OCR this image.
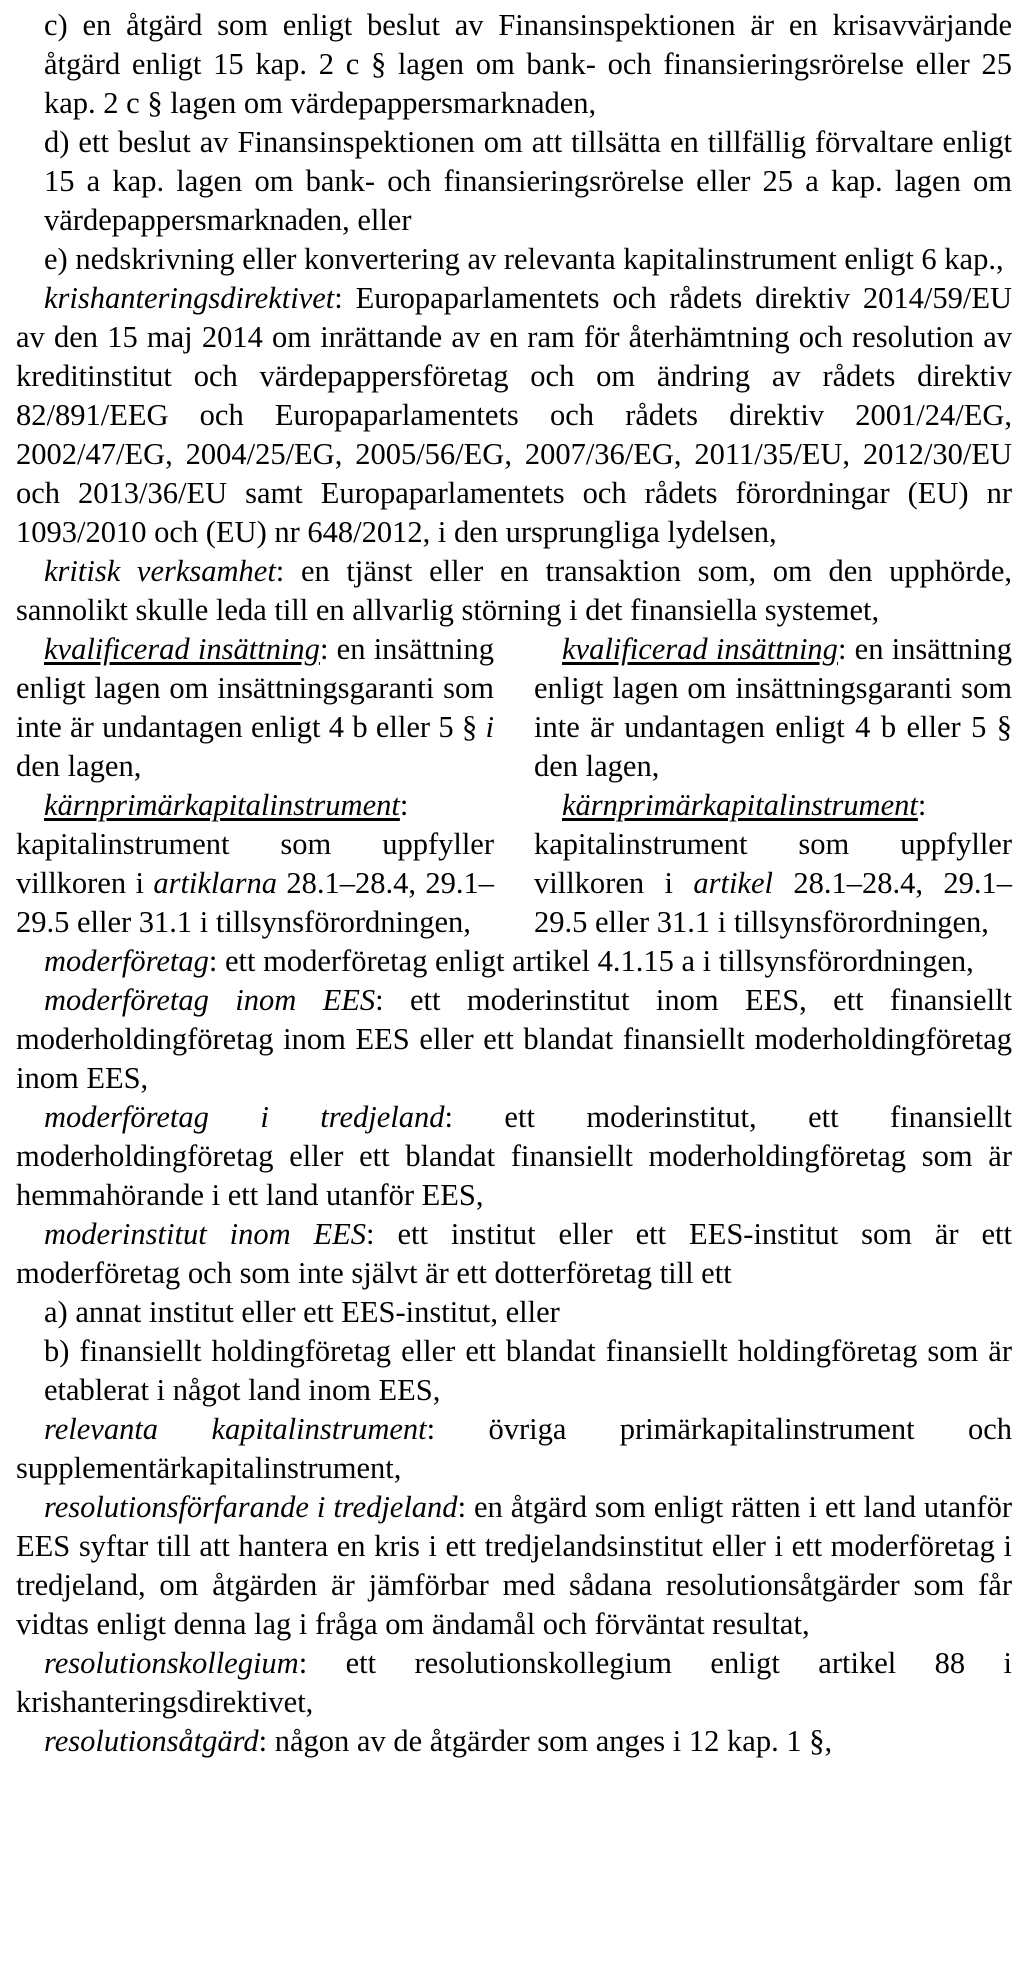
c) en åtgärd som enligt beslut av Finansinspektionen är en krisavvärjande åtgärd enligt 15 kap. 2 c § lagen om bank- och finansieringsrörelse eller 25 kap. 2 c § lagen om värdepappersmarknaden,

d) ett beslut av Finansinspektionen om att tillsätta en tillfällig förvaltare enligt 15 a kap. lagen om bank- och finansieringsrörelse eller 25 a kap. lagen om värdepappersmarknaden, eller

e) nedskrivning eller konvertering av relevanta kapitalinstrument enligt 6 kap.,

krishanteringsdirektivet: Europaparlamentets och rådets direktiv 2014/59/EU av den 15 maj 2014 om inrättande av en ram för återhämtning och resolution av kreditinstitut och värdepappersföretag och om ändring av rådets direktiv 82/891/EEG och Europaparlamentets och rådets direktiv 2001/24/EG, 2002/47/EG, 2004/25/EG, 2005/56/EG, 2007/36/EG, 2011/35/EU, 2012/30/EU och 2013/36/EU samt Europaparlamentets och rådets förordningar (EU) nr 1093/2010 och (EU) nr 648/2012, i den ursprungliga lydelsen,

kritisk verksamhet: en tjänst eller en transaktion som, om den upphörde, sannolikt skulle leda till en allvarlig störning i det finansiella systemet,

kvalificerad insättning: en insättning enligt lagen om insättningsgaranti som inte är undantagen enligt 4 b eller 5 § i den lagen,

kärnprimärkapitalinstrument: kapitalinstrument som uppfyller villkoren i artiklarna 28.1–28.4, 29.1–29.5 eller 31.1 i tillsynsförordningen,

kvalificerad insättning: en insättning enligt lagen om insättningsgaranti som inte är undantagen enligt 4 b eller 5 § den lagen,

kärnprimärkapitalinstrument: kapitalinstrument som uppfyller villkoren i artikel 28.1–28.4, 29.1–29.5 eller 31.1 i tillsynsförordningen,

moderföretag: ett moderföretag enligt artikel 4.1.15 a i tillsynsförordningen,

moderföretag inom EES: ett moderinstitut inom EES, ett finansiellt moderholdingföretag inom EES eller ett blandat finansiellt moderholdingföretag inom EES,

moderföretag i tredjeland: ett moderinstitut, ett finansiellt moderholdingföretag eller ett blandat finansiellt moderholdingföretag som är hemmahörande i ett land utanför EES,

moderinstitut inom EES: ett institut eller ett EES-institut som är ett moderföretag och som inte självt är ett dotterföretag till ett

a) annat institut eller ett EES-institut, eller

b) finansiellt holdingföretag eller ett blandat finansiellt holdingföretag som är etablerat i något land inom EES,

relevanta kapitalinstrument: övriga primärkapitalinstrument och supplementärkapitalinstrument,

resolutionsförfarande i tredjeland: en åtgärd som enligt rätten i ett land utanför EES syftar till att hantera en kris i ett tredjelandsinstitut eller i ett moderföretag i tredjeland, om åtgärden är jämförbar med sådana resolutionsåtgärder som får vidtas enligt denna lag i fråga om ändamål och förväntat resultat,

resolutionskollegium: ett resolutionskollegium enligt artikel 88 i krishanteringsdirektivet,

resolutionsåtgärd: någon av de åtgärder som anges i 12 kap. 1 §,
